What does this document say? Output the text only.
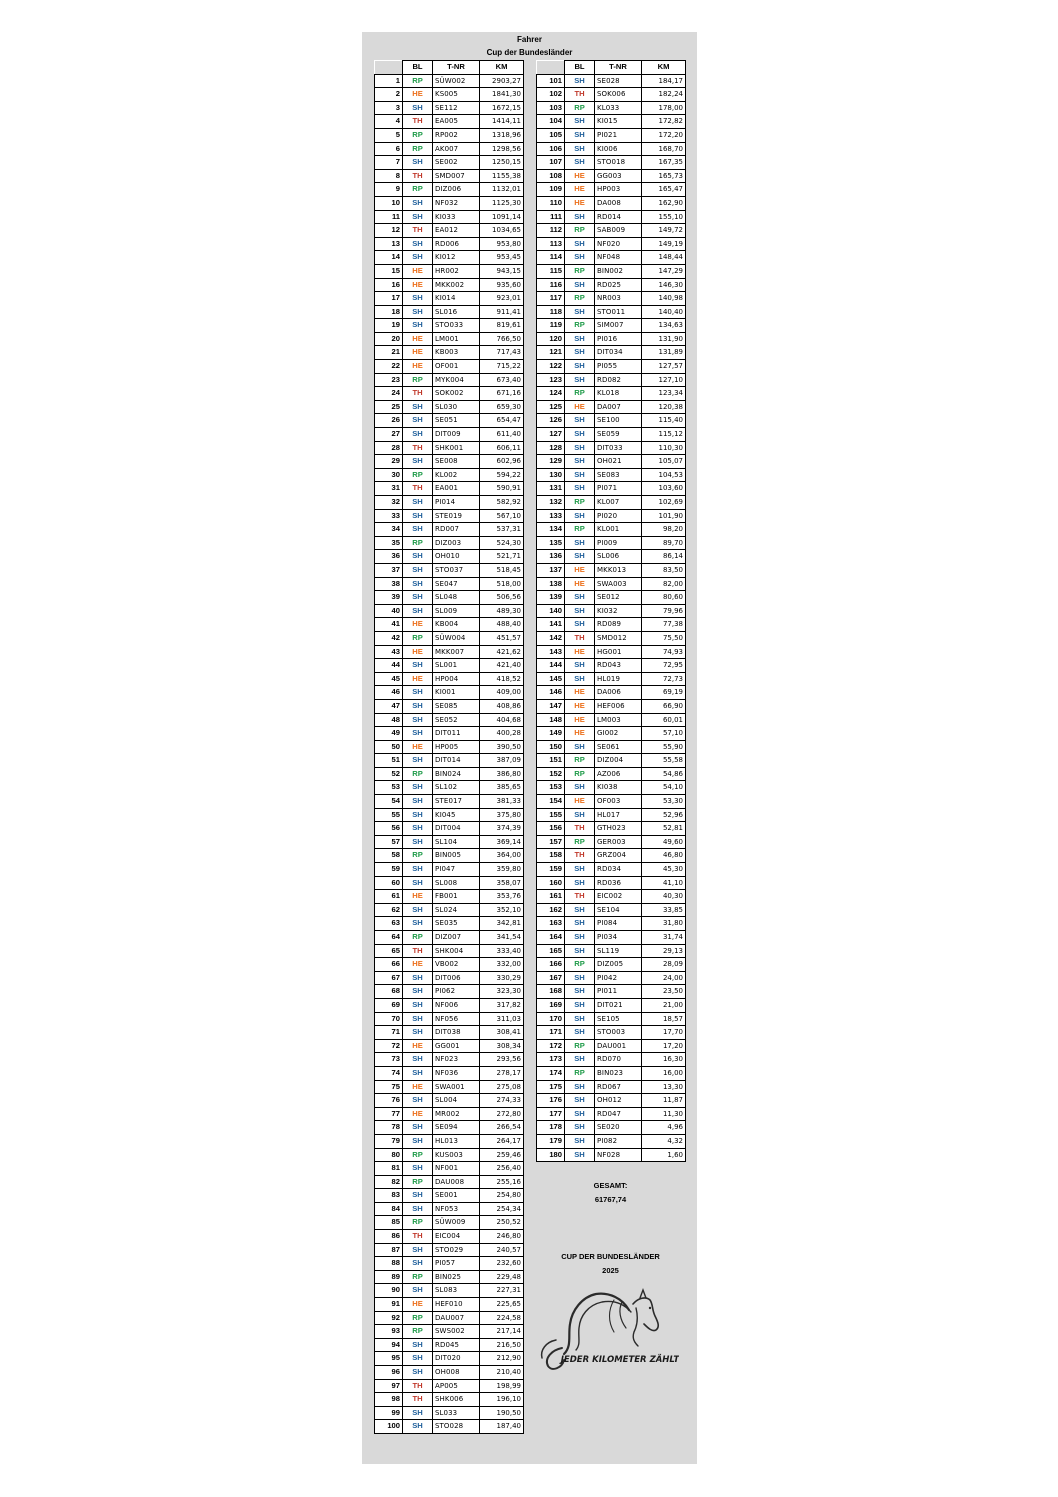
Fahrer
Cup der Bundesländer
	BL	T-NR	KM
1	RP	SÜW002	2903,27
2	HE	KS005	1841,30
3	SH	SE112	1672,15
4	TH	EA005	1414,11
5	RP	RP002	1318,96
6	RP	AK007	1298,56
7	SH	SE002	1250,15
8	TH	SMD007	1155,38
9	RP	DIZ006	1132,01
10	SH	NF032	1125,30
11	SH	KI033	1091,14
12	TH	EA012	1034,65
13	SH	RD006	953,80
14	SH	KI012	953,45
15	HE	HR002	943,15
16	HE	MKK002	935,60
17	SH	KI014	923,01
18	SH	SL016	911,41
19	SH	STO033	819,61
20	HE	LM001	766,50
21	HE	KB003	717,43
22	HE	OF001	715,22
23	RP	MYK004	673,40
24	TH	SOK002	671,16
25	SH	SL030	659,30
26	SH	SE051	654,47
27	SH	DIT009	611,40
28	TH	SHK001	606,11
29	SH	SE008	602,96
30	RP	KL002	594,22
31	TH	EA001	590,91
32	SH	PI014	582,92
33	SH	STE019	567,10
34	SH	RD007	537,31
35	RP	DIZ003	524,30
36	SH	OH010	521,71
37	SH	STO037	518,45
38	SH	SE047	518,00
39	SH	SL048	506,56
40	SH	SL009	489,30
41	HE	KB004	488,40
42	RP	SÜW004	451,57
43	HE	MKK007	421,62
44	SH	SL001	421,40
45	HE	HP004	418,52
46	SH	KI001	409,00
47	SH	SE085	408,86
48	SH	SE052	404,68
49	SH	DIT011	400,28
50	HE	HP005	390,50
51	SH	DIT014	387,09
52	RP	BIN024	386,80
53	SH	SL102	385,65
54	SH	STE017	381,33
55	SH	KI045	375,80
56	SH	DIT004	374,39
57	SH	SL104	369,14
58	RP	BIN005	364,00
59	SH	PI047	359,80
60	SH	SL008	358,07
61	HE	FB001	353,76
62	SH	SL024	352,10
63	SH	SE035	342,81
64	RP	DIZ007	341,54
65	TH	SHK004	333,40
66	HE	VB002	332,00
67	SH	DIT006	330,29
68	SH	PI062	323,30
69	SH	NF006	317,82
70	SH	NF056	311,03
71	SH	DIT038	308,41
72	HE	GG001	308,34
73	SH	NF023	293,56
74	SH	NF036	278,17
75	HE	SWA001	275,08
76	SH	SL004	274,33
77	HE	MR002	272,80
78	SH	SE094	266,54
79	SH	HL013	264,17
80	RP	KUS003	259,46
81	SH	NF001	256,40
82	RP	DAU008	255,16
83	SH	SE001	254,80
84	SH	NF053	254,34
85	RP	SÜW009	250,52
86	TH	EIC004	246,80
87	SH	STO029	240,57
88	SH	PI057	232,60
89	RP	BIN025	229,48
90	SH	SL083	227,31
91	HE	HEF010	225,65
92	RP	DAU007	224,58
93	RP	SWS002	217,14
94	SH	RD045	216,50
95	SH	DIT020	212,90
96	SH	OH008	210,40
97	TH	AP005	198,99
98	TH	SHK006	196,10
99	SH	SL033	190,50
100	SH	STO028	187,40
	BL	T-NR	KM
101	SH	SE028	184,17
102	TH	SOK006	182,24
103	RP	KL033	178,00
104	SH	KI015	172,82
105	SH	PI021	172,20
106	SH	KI006	168,70
107	SH	STO018	167,35
108	HE	GG003	165,73
109	HE	HP003	165,47
110	HE	DA008	162,90
111	SH	RD014	155,10
112	RP	SAB009	149,72
113	SH	NF020	149,19
114	SH	NF048	148,44
115	RP	BIN002	147,29
116	SH	RD025	146,30
117	RP	NR003	140,98
118	SH	STO011	140,40
119	RP	SIM007	134,63
120	SH	PI016	131,90
121	SH	DIT034	131,89
122	SH	PI055	127,57
123	SH	RD082	127,10
124	RP	KL018	123,34
125	HE	DA007	120,38
126	SH	SE100	115,40
127	SH	SE059	115,12
128	SH	DIT033	110,30
129	SH	OH021	105,07
130	SH	SE083	104,53
131	SH	PI071	103,60
132	RP	KL007	102,69
133	SH	PI020	101,90
134	RP	KL001	98,20
135	SH	PI009	89,70
136	SH	SL006	86,14
137	HE	MKK013	83,50
138	HE	SWA003	82,00
139	SH	SE012	80,60
140	SH	KI032	79,96
141	SH	RD089	77,38
142	TH	SMD012	75,50
143	HE	HG001	74,93
144	SH	RD043	72,95
145	SH	HL019	72,73
146	HE	DA006	69,19
147	HE	HEF006	66,90
148	HE	LM003	60,01
149	HE	GI002	57,10
150	SH	SE061	55,90
151	RP	DIZ004	55,58
152	RP	AZ006	54,86
153	SH	KI038	54,10
154	HE	OF003	53,30
155	SH	HL017	52,96
156	TH	GTH023	52,81
157	RP	GER003	49,60
158	TH	GRZ004	46,80
159	SH	RD034	45,30
160	SH	RD036	41,10
161	TH	EIC002	40,30
162	SH	SE104	33,85
163	SH	PI084	31,80
164	SH	PI034	31,74
165	SH	SL119	29,13
166	RP	DIZ005	28,09
167	SH	PI042	24,00
168	SH	PI011	23,50
169	SH	DIT021	21,00
170	SH	SE105	18,57
171	SH	STO003	17,70
172	RP	DAU001	17,20
173	SH	RD070	16,30
174	RP	BIN023	16,00
175	SH	RD067	13,30
176	SH	OH012	11,87
177	SH	RD047	11,30
178	SH	SE020	4,96
179	SH	PI082	4,32
180	SH	NF028	1,60
GESAMT:
61767,74
CUP DER BUNDESLÄNDER
2025
JEDER KILOMETER ZÄHLT
